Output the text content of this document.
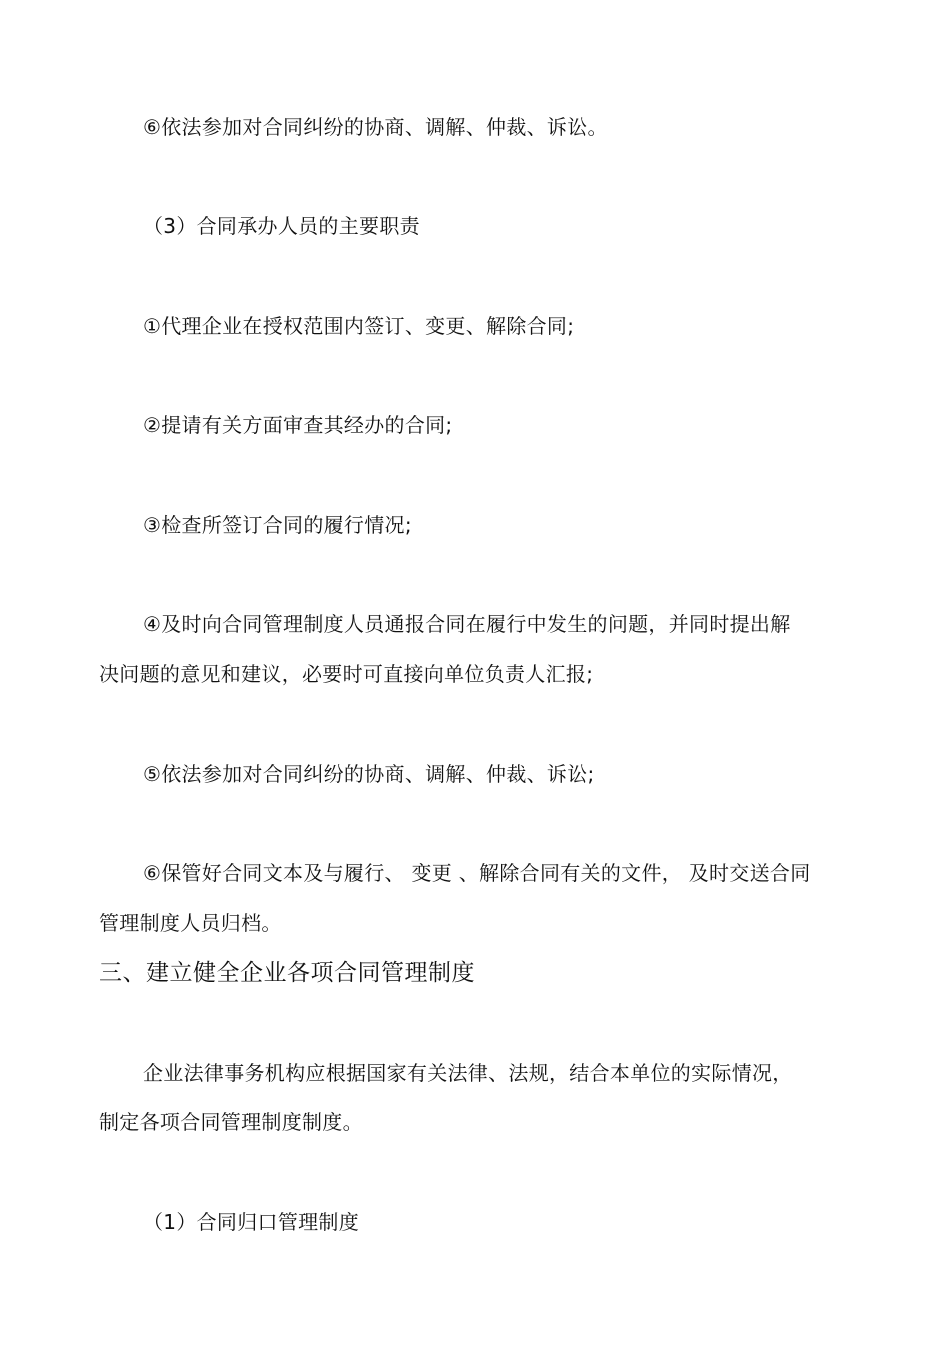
⑥依法参加对合同纠纷的协商、调解、仲裁、诉讼。
（3）合同承办人员的主要职责
①代理企业在授权范围内签订、变更、解除合同;
②提请有关方面审查其经办的合同;
③检查所签订合同的履行情况;
④及时向合同管理制度人员通报合同在履行中发生的问题，并同时提出解
决问题的意见和建议，必要时可直接向单位负责人汇报;
⑤依法参加对合同纠纷的协商、调解、仲裁、诉讼;
⑥保管好合同文本及与履行、 变更 、解除合同有关的文件， 及时交送合同
管理制度人员归档。
三、建立健全企业各项合同管理制度
企业法律事务机构应根据国家有关法律、法规，结合本单位的实际情况，
制定各项合同管理制度制度。
（1）合同归口管理制度
